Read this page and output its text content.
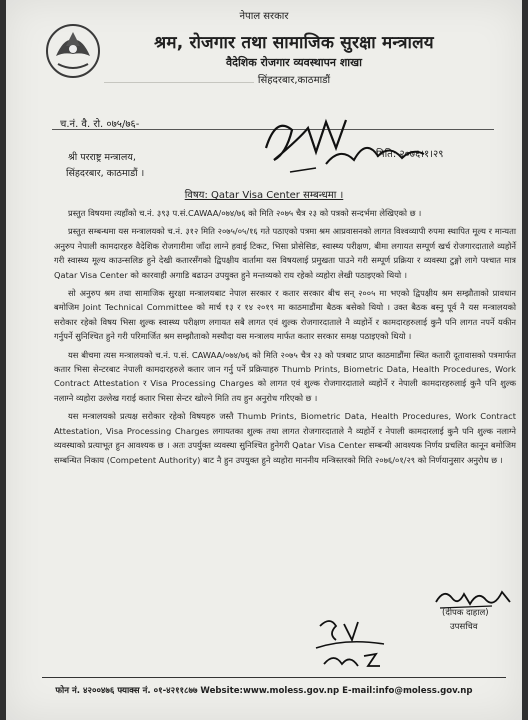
नेपाल सरकार
श्रम, रोजगार तथा सामाजिक सुरक्षा मन्त्रालय
वैदेशिक रोजगार व्यवस्थापन शाखा
सिंहदरबार,काठमाडौं
च.नं. वै. रो. ०७५/७६-
श्री परराष्ट्र मन्त्रालय,
सिंहदरबार, काठमाडौं ।
मिति: २०७६।१।२९
विषय: Qatar Visa Center सम्बन्धमा ।

प्रस्तुत विषयमा त्यहाँको च.नं. ३९३ प.सं.CAWAA/०७४/७६ को मिति २०७५ चैत्र २३ को पत्रको सन्दर्भमा लेखिएको छ ।

प्रस्तुत सम्बन्धमा यस मन्त्रालयको च.नं. ३१२ मिति २०७५/०५/१६ गते पठाएको पत्रमा श्रम आप्रवासनको लागत विश्वव्यापी रुपमा स्थापित मूल्य र मान्यता अनुरुप नेपाली कामदारहरु वैदेशिक रोजगारीमा जाँदा लाग्ने हवाई टिकट, भिसा प्रोसेसिङ, स्वास्थ्य परीक्षण, बीमा लगायत सम्पूर्ण खर्च रोजगारदाताले व्यहोर्ने गरी स्वास्थ्य मूल्य काउन्सलिङ हुने देखी कतारसँगको द्विपक्षीय वार्तामा यस विषयलाई प्रमुखता पाउने गरी सम्पूर्ण प्रक्रिया र व्यवस्था टुङ्गो लागे पश्चात मात्र Qatar Visa Center को कारवाही अगाडि बढाउन उपयुक्त हुने मन्तव्यको राय रहेको व्यहोरा लेखी पठाइएको थियो ।

सो अनुरुप श्रम तथा सामाजिक सुरक्षा मन्त्रालयबाट नेपाल सरकार र कतार सरकार बीच सन् २००५ मा भएको द्विपक्षीय श्रम सम्झौताको प्रावधान बमोजिम Joint Technical Committee को मार्च १३ र १४ २०१९ मा काठमाडौंमा बैठक बसेको थियो । उक्त बैठक बस्नु पूर्व नै यस मन्त्रालयको सरोकार रहेको विषय भिसा शुल्क स्वास्थ्य परीक्षण लगायत सबै लागत एवं शुल्क रोजगारदाताले नै व्यहोर्ने र कामदारहरुलाई कुनै पनि लागत नपर्ने यकीन गर्नुपर्ने सुनिश्चित हुने गरी परिमार्जित श्रम सम्झौताको मस्यौदा यस मन्त्रालय मार्फत कतार सरकार समक्ष पठाइएको थियो ।

यस बीचमा त्यस मन्त्रालयको च.नं. प.सं. CAWAA/०७४/७६ को मिति २०७५ चैत्र २३ को पत्रबाट प्राप्त काठमाडौंमा स्थित कतारी दूतावासको पत्रमार्फत कतार भिसा सेन्टरबाट नेपाली कामदारहरुले कतार जान गर्नु पर्ने प्रक्रियाहरु Thumb Prints, Biometric Data, Health Procedures, Work Contract Attestation र Visa Processing Charges को लागत एवं शुल्क रोजगारदाताले व्यहोर्ने र नेपाली कामदारहरुलाई कुनै पनि शुल्क नलाग्ने व्यहोरा उल्लेख गराई कतार भिसा सेन्टर खोल्ने मिति तय हुन अनुरोध गरिएको छ ।

यस मन्त्रालयको प्रत्यक्ष सरोकार रहेको विषयहरु जस्तै Thumb Prints, Biometric Data, Health Procedures, Work Contract Attestation, Visa Processing Charges लगायतका शुल्क तथा लागत रोजगारदाताले नै व्यहोर्ने र नेपाली कामदारलाई कुनै पनि शुल्क नलाग्ने व्यवस्थाको प्रत्याभूत हुन आवश्यक छ । अतः उपर्युक्त व्यवस्था सुनिश्चित हुनेगरी Qatar Visa Center सम्बन्धी आवश्यक निर्णय प्रचलित कानून बमोजिम सम्बन्धित निकाय (Competent Authority) बाट नै हुन उपयुक्त हुने व्यहोरा माननीय मन्त्रिस्तरको मिति २०७६/०१/२९ को निर्णयानुसार अनुरोध छ ।

(दीपक दाहाल)
उपसचिव
फोन नं. ४२००४७६ फ्याक्स नं. ०१-४२११८७७ Website:www.moless.gov.np E-mail:info@moless.gov.np
